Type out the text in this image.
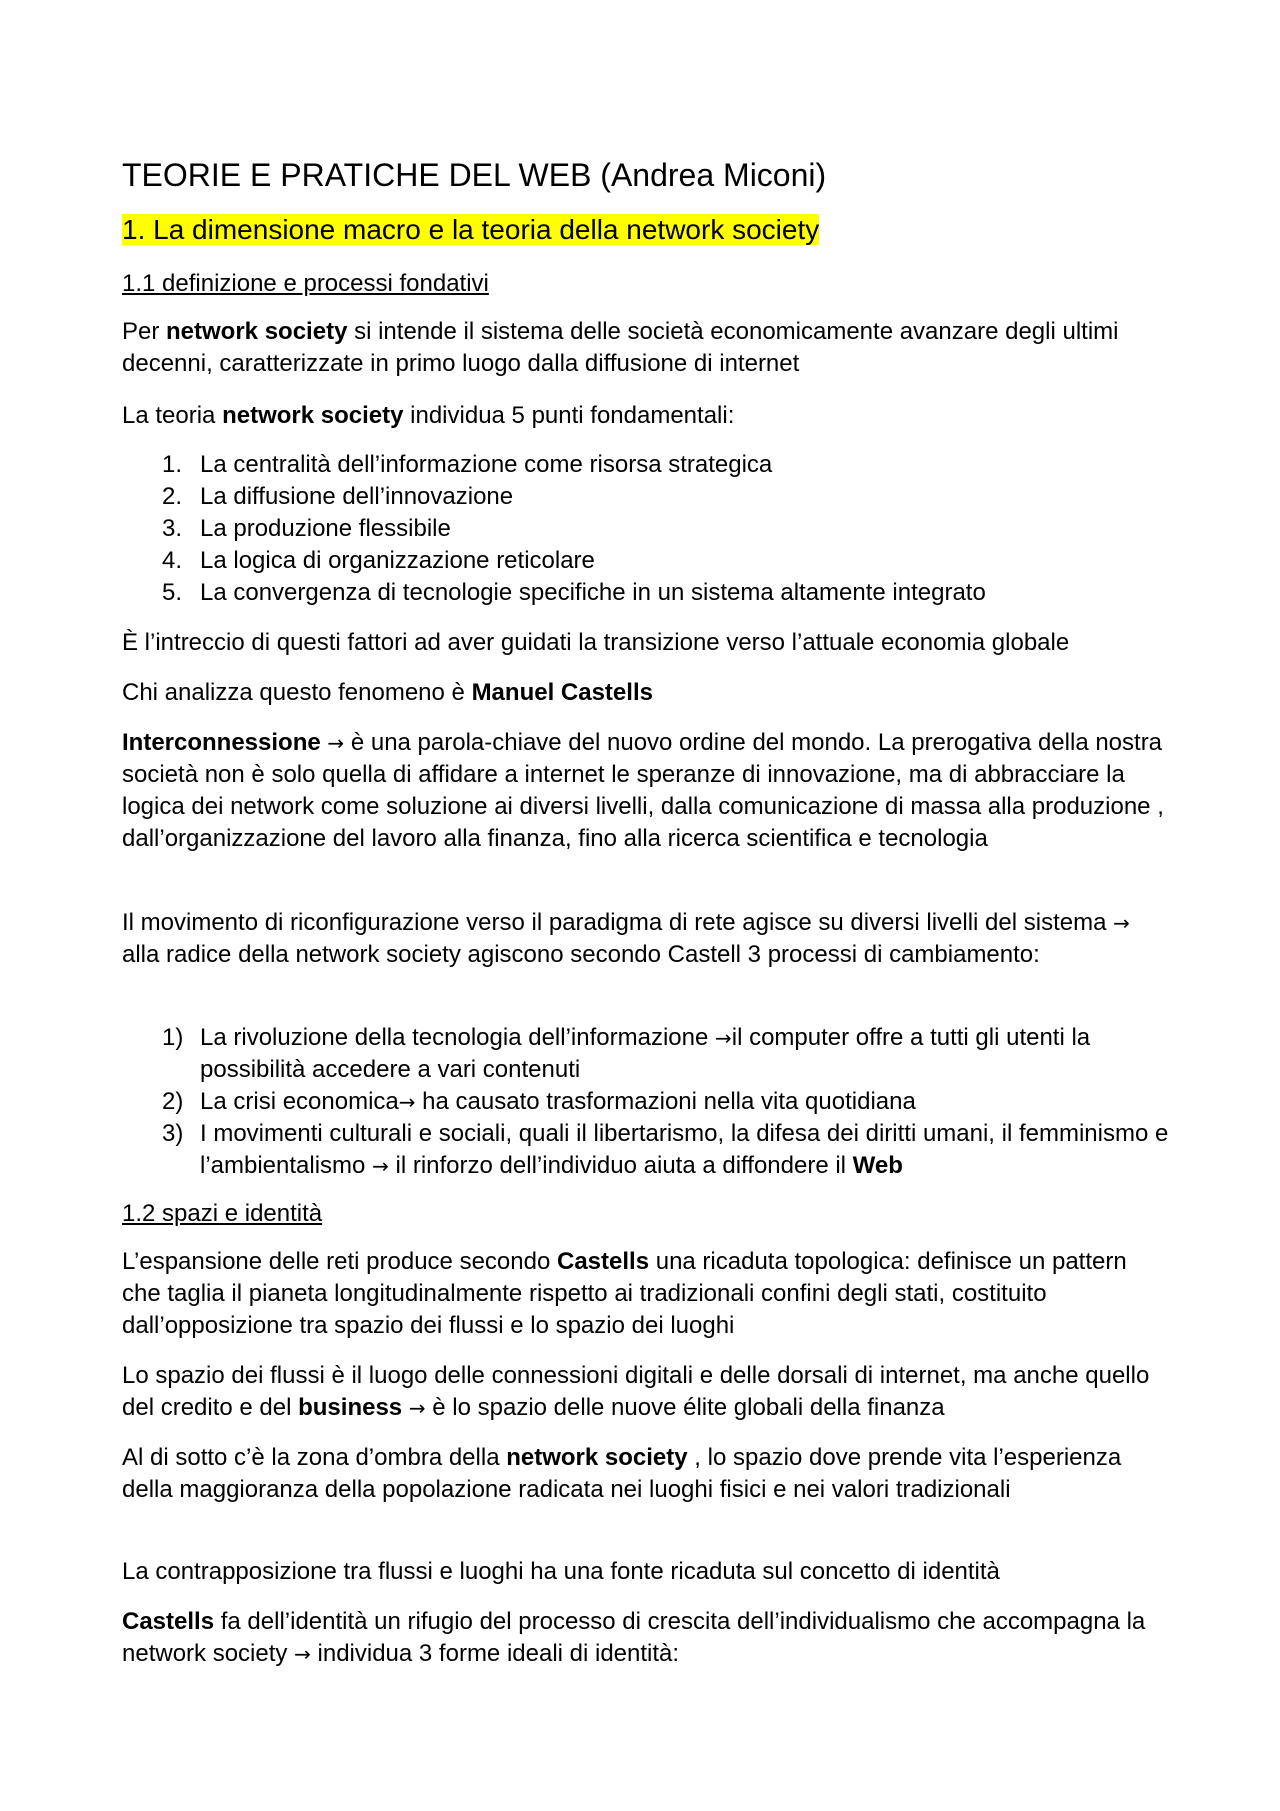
TEORIE E PRATICHE DEL WEB (Andrea Miconi)
1. La dimensione macro e la teoria della network society
1.1 definizione e processi fondativi
Per network society si intende il sistema delle società economicamente avanzare degli ultimi decenni, caratterizzate in primo luogo dalla diffusione di internet
La teoria network society individua 5 punti fondamentali:
1. La centralità dell’informazione come risorsa strategica
2. La diffusione dell’innovazione
3. La produzione flessibile
4. La logica di organizzazione reticolare
5. La convergenza di tecnologie specifiche in un sistema altamente integrato
È l’intreccio di questi fattori ad aver guidati la transizione verso l’attuale economia globale
Chi analizza questo fenomeno è Manuel Castells
Interconnessione → è una parola-chiave del nuovo ordine del mondo. La prerogativa della nostra società non è solo quella di affidare a internet le speranze di innovazione, ma di abbracciare la logica dei network come soluzione ai diversi livelli, dalla comunicazione di massa alla produzione , dall’organizzazione del lavoro alla finanza, fino alla ricerca scientifica e tecnologia
Il movimento di riconfigurazione verso il paradigma di rete agisce su diversi livelli del sistema → alla radice della network society agiscono secondo Castell 3 processi di cambiamento:
1) La rivoluzione della tecnologia dell’informazione →il computer offre a tutti gli utenti la possibilità accedere a vari contenuti
2) La crisi economica→ ha causato trasformazioni nella vita quotidiana
3) I movimenti culturali e sociali, quali il libertarismo, la difesa dei diritti umani, il femminismo e l’ambientalismo → il rinforzo dell’individuo aiuta a diffondere il Web
1.2 spazi e identità
L’espansione delle reti produce secondo Castells una ricaduta topologica: definisce un pattern che taglia il pianeta longitudinalmente rispetto ai tradizionali confini degli stati, costituito dall’opposizione tra spazio dei flussi e lo spazio dei luoghi
Lo spazio dei flussi è il luogo delle connessioni digitali e delle dorsali di internet, ma anche quello del credito e del business → è lo spazio delle nuove élite globali della finanza
Al di sotto c’è la zona d’ombra della network society , lo spazio dove prende vita l’esperienza della maggioranza della popolazione radicata nei luoghi fisici e nei valori tradizionali
La contrapposizione tra flussi e luoghi ha una fonte ricaduta sul concetto di identità
Castells fa dell’identità un rifugio del processo di crescita dell’individualismo che accompagna la network society → individua 3 forme ideali di identità:
